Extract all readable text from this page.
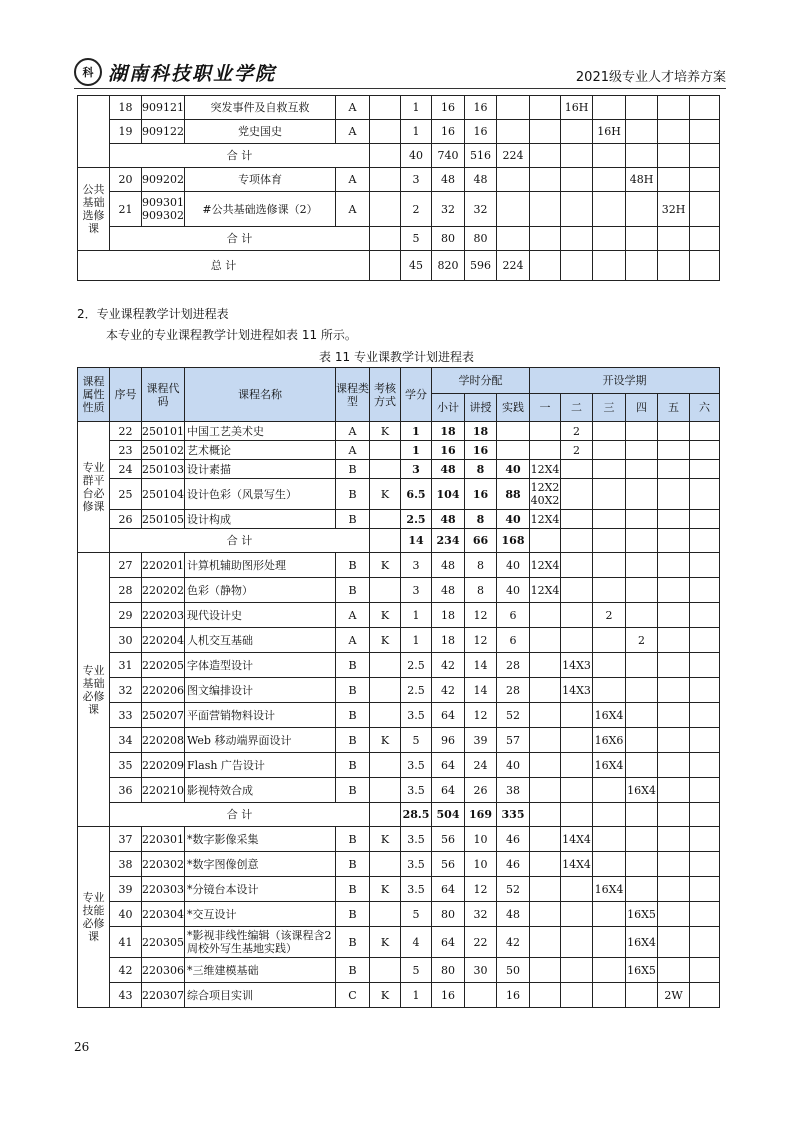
科 湖南科技职业学院	2021级专业人才培养方案
	18	909121	突发事件及自救互救	A		1	16	16			16H				
	19	909122	党史国史	A		1	16	16				16H			
	合 计					40	740	516	224						
公共基础选修课	20	909202	专项体育	A		3	48	48					48H		
	21	909301
909302	#公共基础选修课（2）	A		2	32	32						32H	
	合 计					5	80	80							
总 计						45	820	596	224						
2．专业课程教学计划进程表
本专业的专业课程教学计划进程如表 11 所示。
表 11 专业课教学计划进程表
课程属性性质	序号	课程代码	课程名称	课程类型	考核方式	学分	学时分配			开设学期					
							小计	讲授	实践	一	二	三	四	五	六
专业群平台必修课	22	250101	中国工艺美术史	A	K	1	18	18			2				
	23	250102	艺术概论	A		1	16	16			2				
	24	250103	设计素描	B		3	48	8	40	12X4					
	25	250104	设计色彩（风景写生）	B	K	6.5	104	16	88	12X2 40X2					
	26	250105	设计构成	B		2.5	48	8	40	12X4					
	合 计					14	234	66	168						
专业基础必修课	27	220201	计算机辅助图形处理	B	K	3	48	8	40	12X4					
	28	220202	色彩（静物）	B		3	48	8	40	12X4					
	29	220203	现代设计史	A	K	1	18	12	6			2			
	30	220204	人机交互基础	A	K	1	18	12	6				2		
	31	220205	字体造型设计	B		2.5	42	14	28		14X3				
	32	220206	图文编排设计	B		2.5	42	14	28		14X3				
	33	250207	平面营销物料设计	B		3.5	64	12	52			16X4			
	34	220208	Web 移动端界面设计	B	K	5	96	39	57			16X6			
	35	220209	Flash 广告设计	B		3.5	64	24	40			16X4			
	36	220210	影视特效合成	B		3.5	64	26	38				16X4		
	合 计					28.5	504	169	335						
专业技能必修课	37	220301	*数字影像采集	B	K	3.5	56	10	46		14X4				
	38	220302	*数字图像创意	B		3.5	56	10	46		14X4				
	39	220303	*分镜台本设计	B	K	3.5	64	12	52			16X4			
	40	220304	*交互设计	B		5	80	32	48				16X5		
	41	220305	*影视非线性编辑（该课程含2 周校外写生基地实践）	B	K	4	64	22	42				16X4		
	42	220306	*三维建模基础	B		5	80	30	50				16X5		
	43	220307	综合项目实训	C	K	1	16		16					2W	
26
